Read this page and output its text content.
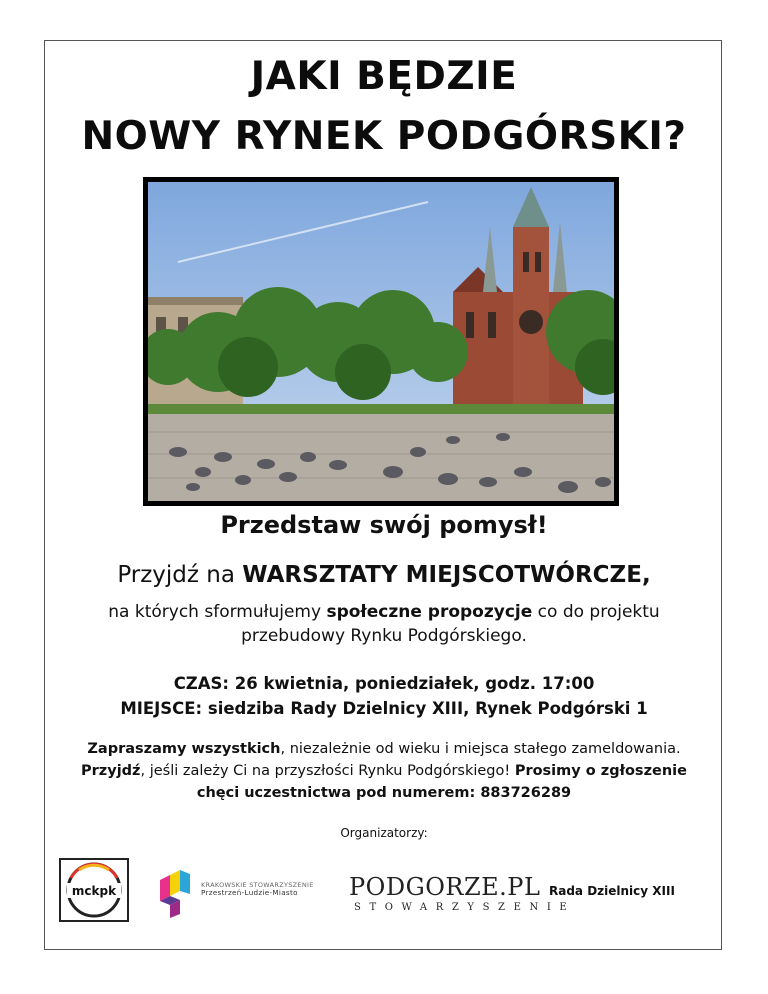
JAKI BĘDZIE
NOWY RYNEK PODGÓRSKI?
Przedstaw swój pomysł!
Przyjdź na WARSZTATY MIEJSCOTWÓRCZE,
na których sformułujemy społeczne propozycje co do projektu
przebudowy Rynku Podgórskiego.
CZAS: 26 kwietnia, poniedziałek, godz. 17:00
MIEJSCE: siedziba Rady Dzielnicy XIII, Rynek Podgórski 1
Zapraszamy wszystkich, niezależnie od wieku i miejsca stałego zameldowania.
Przyjdź, jeśli zależy Ci na przyszłości Rynku Podgórskiego! Prosimy o zgłoszenie
chęci uczestnictwa pod numerem: 883726289
Organizatorzy:
mckpk	KRAKOWSKIE STOWARZYSZENIE
Przestrzeń-Ludzie-Miasto	PODGORZE.PL
STOWARZYSZENIE
Rada Dzielnicy XIII
